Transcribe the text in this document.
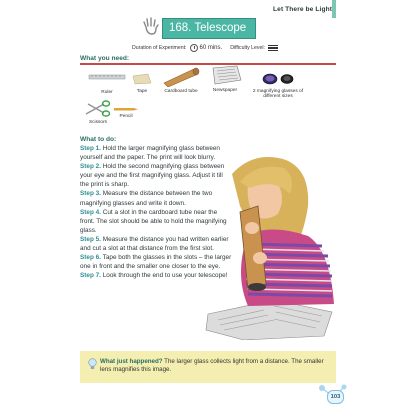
Let There be Light
168. Telescope
Duration of Experiment: 60 mins. Difficulty Level:
What you need:
Ruler	Tape	Cardboard tube	Newspaper	2 magnifying glasses of different sizes
Scissors
Pencil
What to do:
Step 1. Hold the larger magnifying glass between yourself and the paper. The print will look blurry.
Step 2. Hold the second magnifying glass between your eye and the first magnifying glass. Adjust it till the print is sharp.
Step 3. Measure the distance between the two magnifying glasses and write it down.
Step 4. Cut a slot in the cardboard tube near the front. The slot should be able to hold the magnifying glass.
Step 5. Measure the distance you had written earlier and cut a slot at that distance from the first slot.
Step 6. Tape both the glasses in the slots – the larger one in front and the smaller one closer to the eye.
Step 7. Look through the end to use your telescope!
What just happened? The larger glass collects light from a distance. The smaller lens magnifies this image.
103
